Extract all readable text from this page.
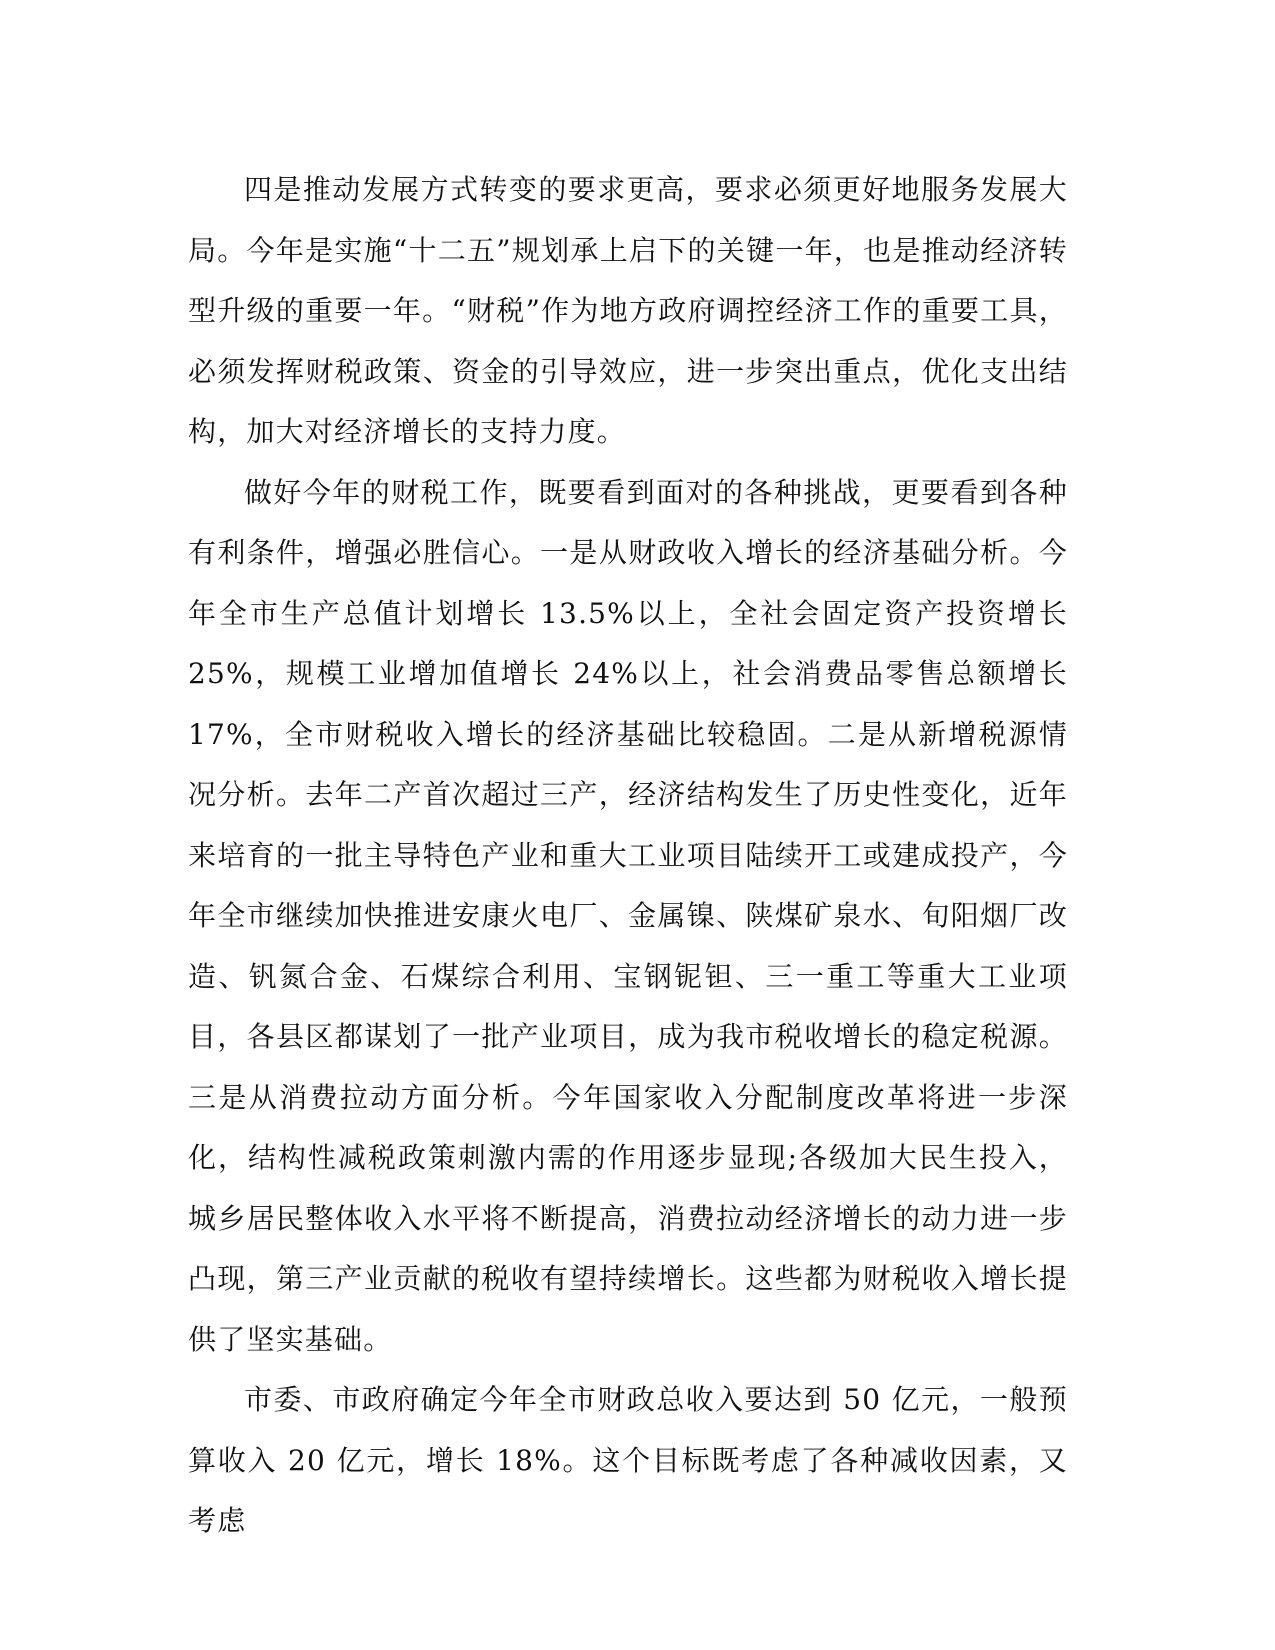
四是推动发展方式转变的要求更高，要求必须更好地服务发展大局。今年是实施“十二五”规划承上启下的关键一年，也是推动经济转型升级的重要一年。“财税”作为地方政府调控经济工作的重要工具，必须发挥财税政策、资金的引导效应，进一步突出重点，优化支出结构，加大对经济增长的支持力度。

做好今年的财税工作，既要看到面对的各种挑战，更要看到各种有利条件，增强必胜信心。一是从财政收入增长的经济基础分析。今年全市生产总值计划增长 13.5%以上，全社会固定资产投资增长 25%，规模工业增加值增长 24%以上，社会消费品零售总额增长 17%，全市财税收入增长的经济基础比较稳固。二是从新增税源情况分析。去年二产首次超过三产，经济结构发生了历史性变化，近年来培育的一批主导特色产业和重大工业项目陆续开工或建成投产，今年全市继续加快推进安康火电厂、金属镍、陕煤矿泉水、旬阳烟厂改造、钒氮合金、石煤综合利用、宝钢铌钽、三一重工等重大工业项目，各县区都谋划了一批产业项目，成为我市税收增长的稳定税源。三是从消费拉动方面分析。今年国家收入分配制度改革将进一步深化，结构性减税政策刺激内需的作用逐步显现;各级加大民生投入，城乡居民整体收入水平将不断提高，消费拉动经济增长的动力进一步凸现，第三产业贡献的税收有望持续增长。这些都为财税收入增长提供了坚实基础。

市委、市政府确定今年全市财政总收入要达到 50 亿元，一般预算收入 20 亿元，增长 18%。这个目标既考虑了各种减收因素，又考虑
